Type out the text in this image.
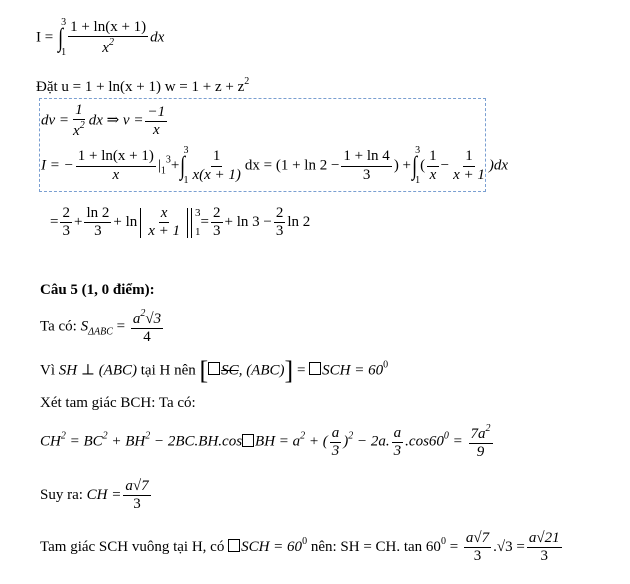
I = ∫
3
$1 \frac{1 + \ln(x + 1)}{x^2}$ dx
Đặt u = 1 + ln(x + 1) $w = 1 + z + z^2$
dv = $\frac{1}{x^2}$ dx ⇒ $v = \frac{-1}{x}$
I = − $\frac{1 + \ln(x + 1)}{x} |_1^3+$ ∫
3
$1 \frac{1}{x(x + 1)}$ dx = ($1 + \ln 2 - \frac{1 + \ln 4}{3}$ ) + ∫
3
1
( $\frac{1}{x} - \frac{1}{x + 1} )dx$
= $\frac{2}{3} + \frac{\ln 2}{3} + \ln \frac{x}{x + 1} 3$
1
= $\frac{2}{3} + \ln 3 - \frac{2}{3}$ ln 2
Câu 5 (1, 0 điểm):
Ta có: $S_{\Delta ABC} = \frac{a^2√3}{4}$
Vì SH ⊥ (ABC) tại H nên [ SC, (ABC)] = SCH = $60^0$
Xét tam giác BCH: Ta có:
$CH^2 = BC^2 + BH^2 - 2BC.BH.\cos$ BH = $a^2$ + ( $\frac{a}{3} )^2 - 2a$. $\frac{a}{3} .\cos 60^0 = \frac{7a^2}{9}$
Suy ra: CH = $\frac{a√7}{3}$
Tam giác SCH vuông tại H, có SCH = $60^0$ nên: SH = CH. $\tan 60^0 = \frac{a√7}{3} .√3 = \frac{a√21}{3}$
